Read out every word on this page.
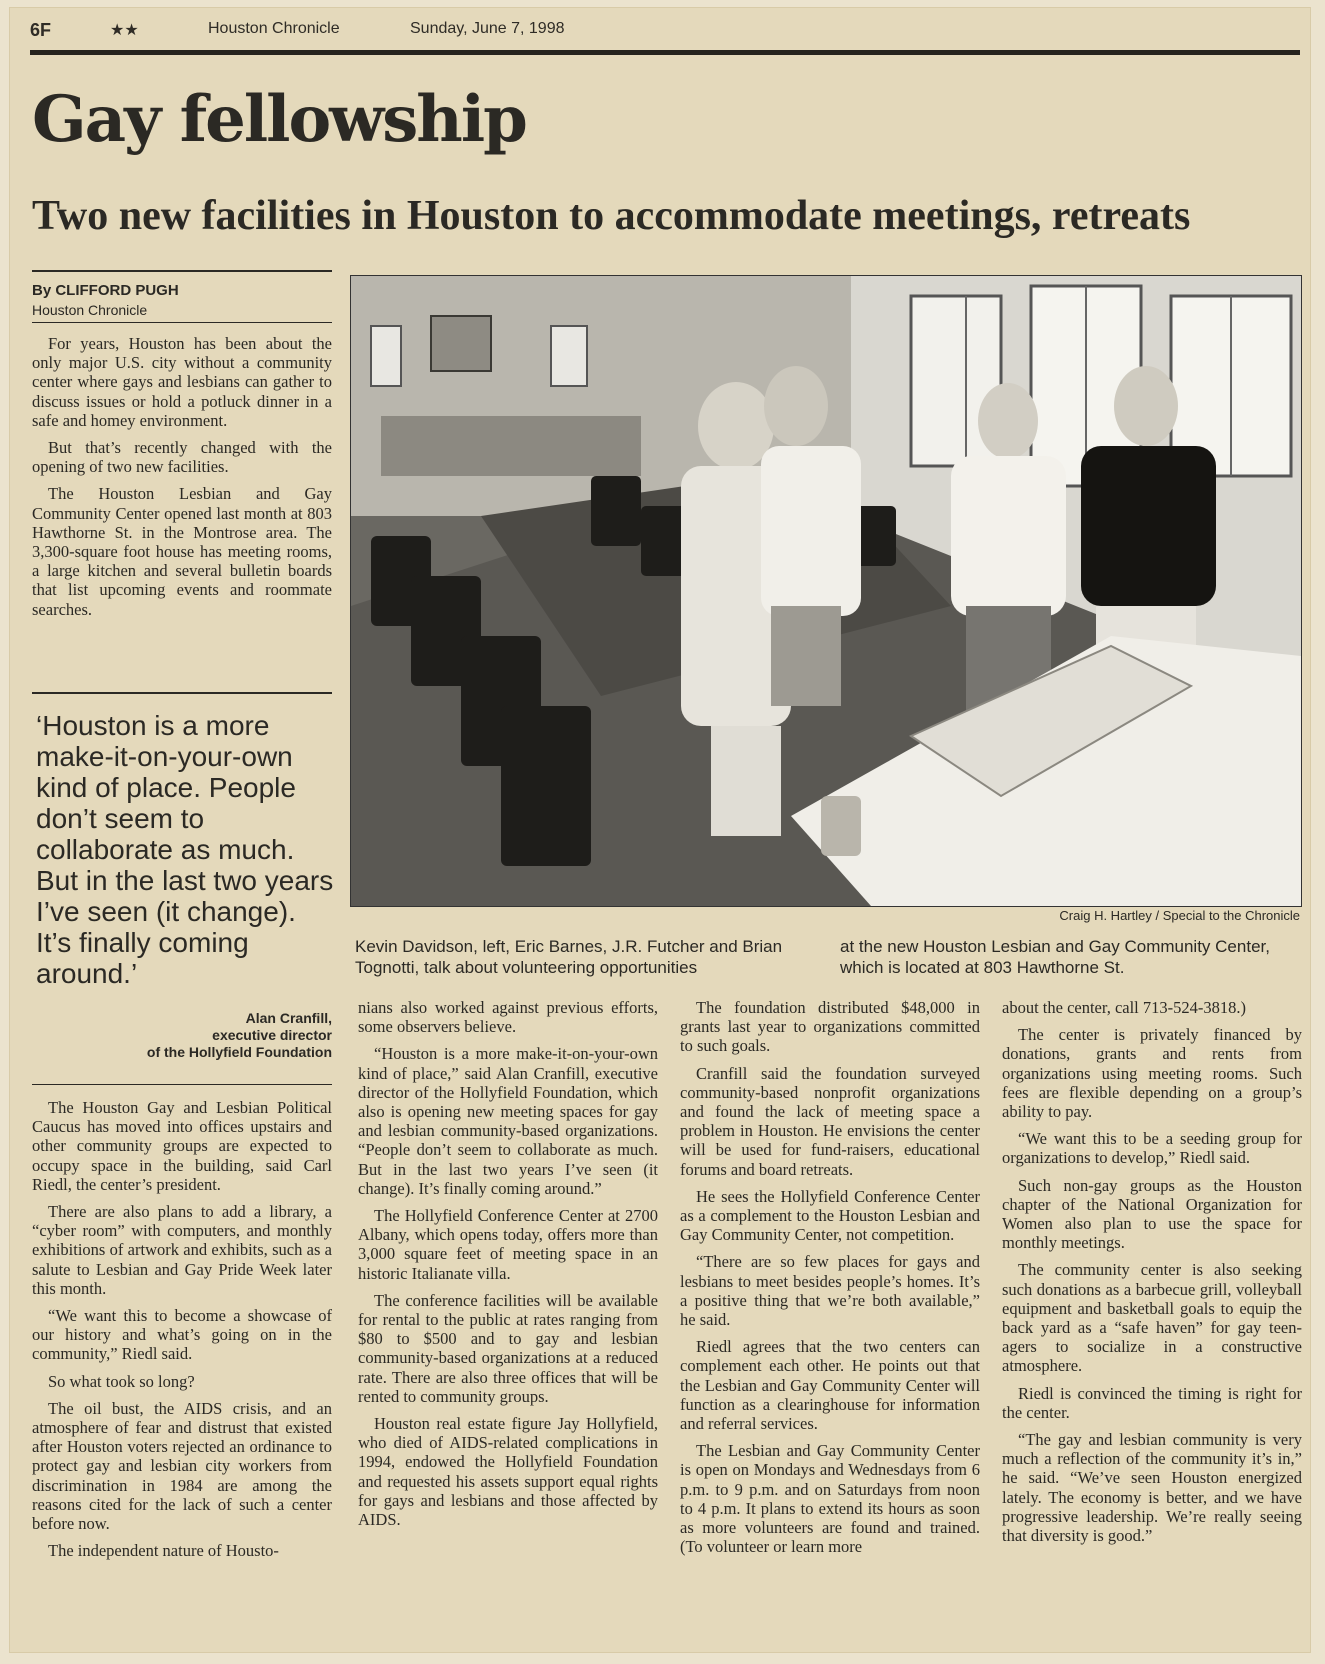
6F	★★	Houston Chronicle	Sunday, June 7, 1998
Gay fellowship
Two new facilities in Houston to accommodate meetings, retreats
By CLIFFORD PUGH
Houston Chronicle

For years, Houston has been about the only major U.S. city without a community center where gays and lesbians can gather to discuss issues or hold a potluck dinner in a safe and homey environment.

But that’s recently changed with the opening of two new facilities.

The Houston Lesbian and Gay Community Center opened last month at 803 Hawthorne St. in the Montrose area. The 3,300-square foot house has meeting rooms, a large kitchen and several bulletin boards that list upcoming events and roommate searches.

‘Houston is a more make-it-on-your-own kind of place. People don’t seem to collaborate as much. But in the last two years I’ve seen (it change). It’s finally coming around.’

Alan Cranfill,
executive director
of the Hollyfield Foundation

The Houston Gay and Lesbian Political Caucus has moved into offices upstairs and other community groups are expected to occupy space in the building, said Carl Riedl, the center’s president.

There are also plans to add a library, a “cyber room” with computers, and monthly exhibitions of artwork and exhibits, such as a salute to Lesbian and Gay Pride Week later this month.

“We want this to become a showcase of our history and what’s going on in the community,” Riedl said.

So what took so long?

The oil bust, the AIDS crisis, and an atmosphere of fear and distrust that existed after Houston voters rejected an ordinance to protect gay and lesbian city workers from discrimination in 1984 are among the reasons cited for the lack of such a center before now.

The independent nature of Housto-

Craig H. Hartley / Special to the Chronicle
Kevin Davidson, left, Eric Barnes, J.R. Futcher and Brian Tognotti, talk about volunteering opportunities
at the new Houston Lesbian and Gay Community Center, which is located at 803 Hawthorne St.

nians also worked against previous efforts, some observers believe.

“Houston is a more make-it-on-your-own kind of place,” said Alan Cranfill, executive director of the Hollyfield Foundation, which also is opening new meeting spaces for gay and lesbian community-based organizations. “People don’t seem to collaborate as much. But in the last two years I’ve seen (it change). It’s finally coming around.”

The Hollyfield Conference Center at 2700 Albany, which opens today, offers more than 3,000 square feet of meeting space in an historic Italianate villa.

The conference facilities will be available for rental to the public at rates ranging from $80 to $500 and to gay and lesbian community-based organizations at a reduced rate. There are also three offices that will be rented to community groups.

Houston real estate figure Jay Hollyfield, who died of AIDS-related complications in 1994, endowed the Hollyfield Foundation and requested his assets support equal rights for gays and lesbians and those affected by AIDS.

The foundation distributed $48,000 in grants last year to organizations committed to such goals.

Cranfill said the foundation surveyed community-based nonprofit organizations and found the lack of meeting space a problem in Houston. He envisions the center will be used for fund-raisers, educational forums and board retreats.

He sees the Hollyfield Conference Center as a complement to the Houston Lesbian and Gay Community Center, not competition.

“There are so few places for gays and lesbians to meet besides people’s homes. It’s a positive thing that we’re both available,” he said.

Riedl agrees that the two centers can complement each other. He points out that the Lesbian and Gay Community Center will function as a clearinghouse for information and referral services.

The Lesbian and Gay Community Center is open on Mondays and Wednesdays from 6 p.m. to 9 p.m. and on Saturdays from noon to 4 p.m. It plans to extend its hours as soon as more volunteers are found and trained. (To volunteer or learn more

about the center, call 713-524-3818.)

The center is privately financed by donations, grants and rents from organizations using meeting rooms. Such fees are flexible depending on a group’s ability to pay.

“We want this to be a seeding group for organizations to develop,” Riedl said.

Such non-gay groups as the Houston chapter of the National Organization for Women also plan to use the space for monthly meetings.

The community center is also seeking such donations as a barbecue grill, volleyball equipment and basketball goals to equip the back yard as a “safe haven” for gay teen-agers to socialize in a constructive atmosphere.

Riedl is convinced the timing is right for the center.

“The gay and lesbian community is very much a reflection of the community it’s in,” he said. “We’ve seen Houston energized lately. The economy is better, and we have progressive leadership. We’re really seeing that diversity is good.”
